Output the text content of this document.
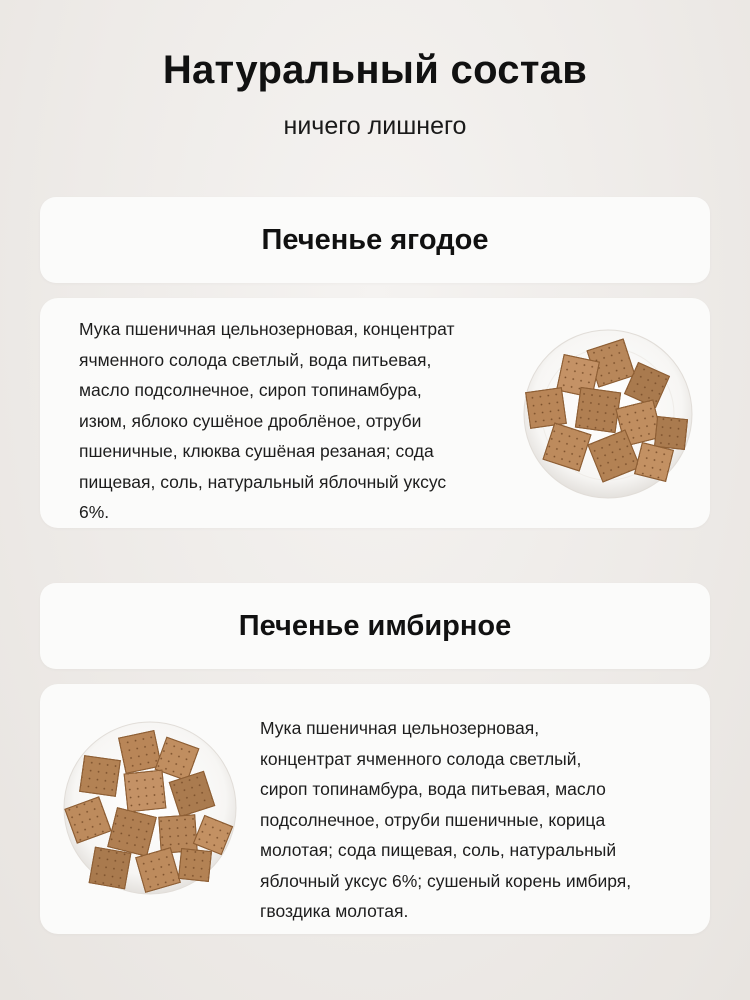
Натуральный состав

ничего лишнего

Печенье ягодое
Мука пшеничная цельнозерновая, концентрат
ячменного солода светлый, вода питьевая,
масло подсолнечное, сироп топинамбура,
изюм, яблоко сушёное дроблёное, отруби
пшеничные, клюква сушёная резаная; сода
пищевая, соль, натуральный яблочный уксус
6%.
Печенье имбирное
Мука пшеничная цельнозерновая,
концентрат ячменного солода светлый,
сироп топинамбура, вода питьевая, масло
подсолнечное, отруби пшеничные, корица
молотая; сода пищевая, соль, натуральный
яблочный уксус 6%; сушеный корень имбиря,
гвоздика молотая.
